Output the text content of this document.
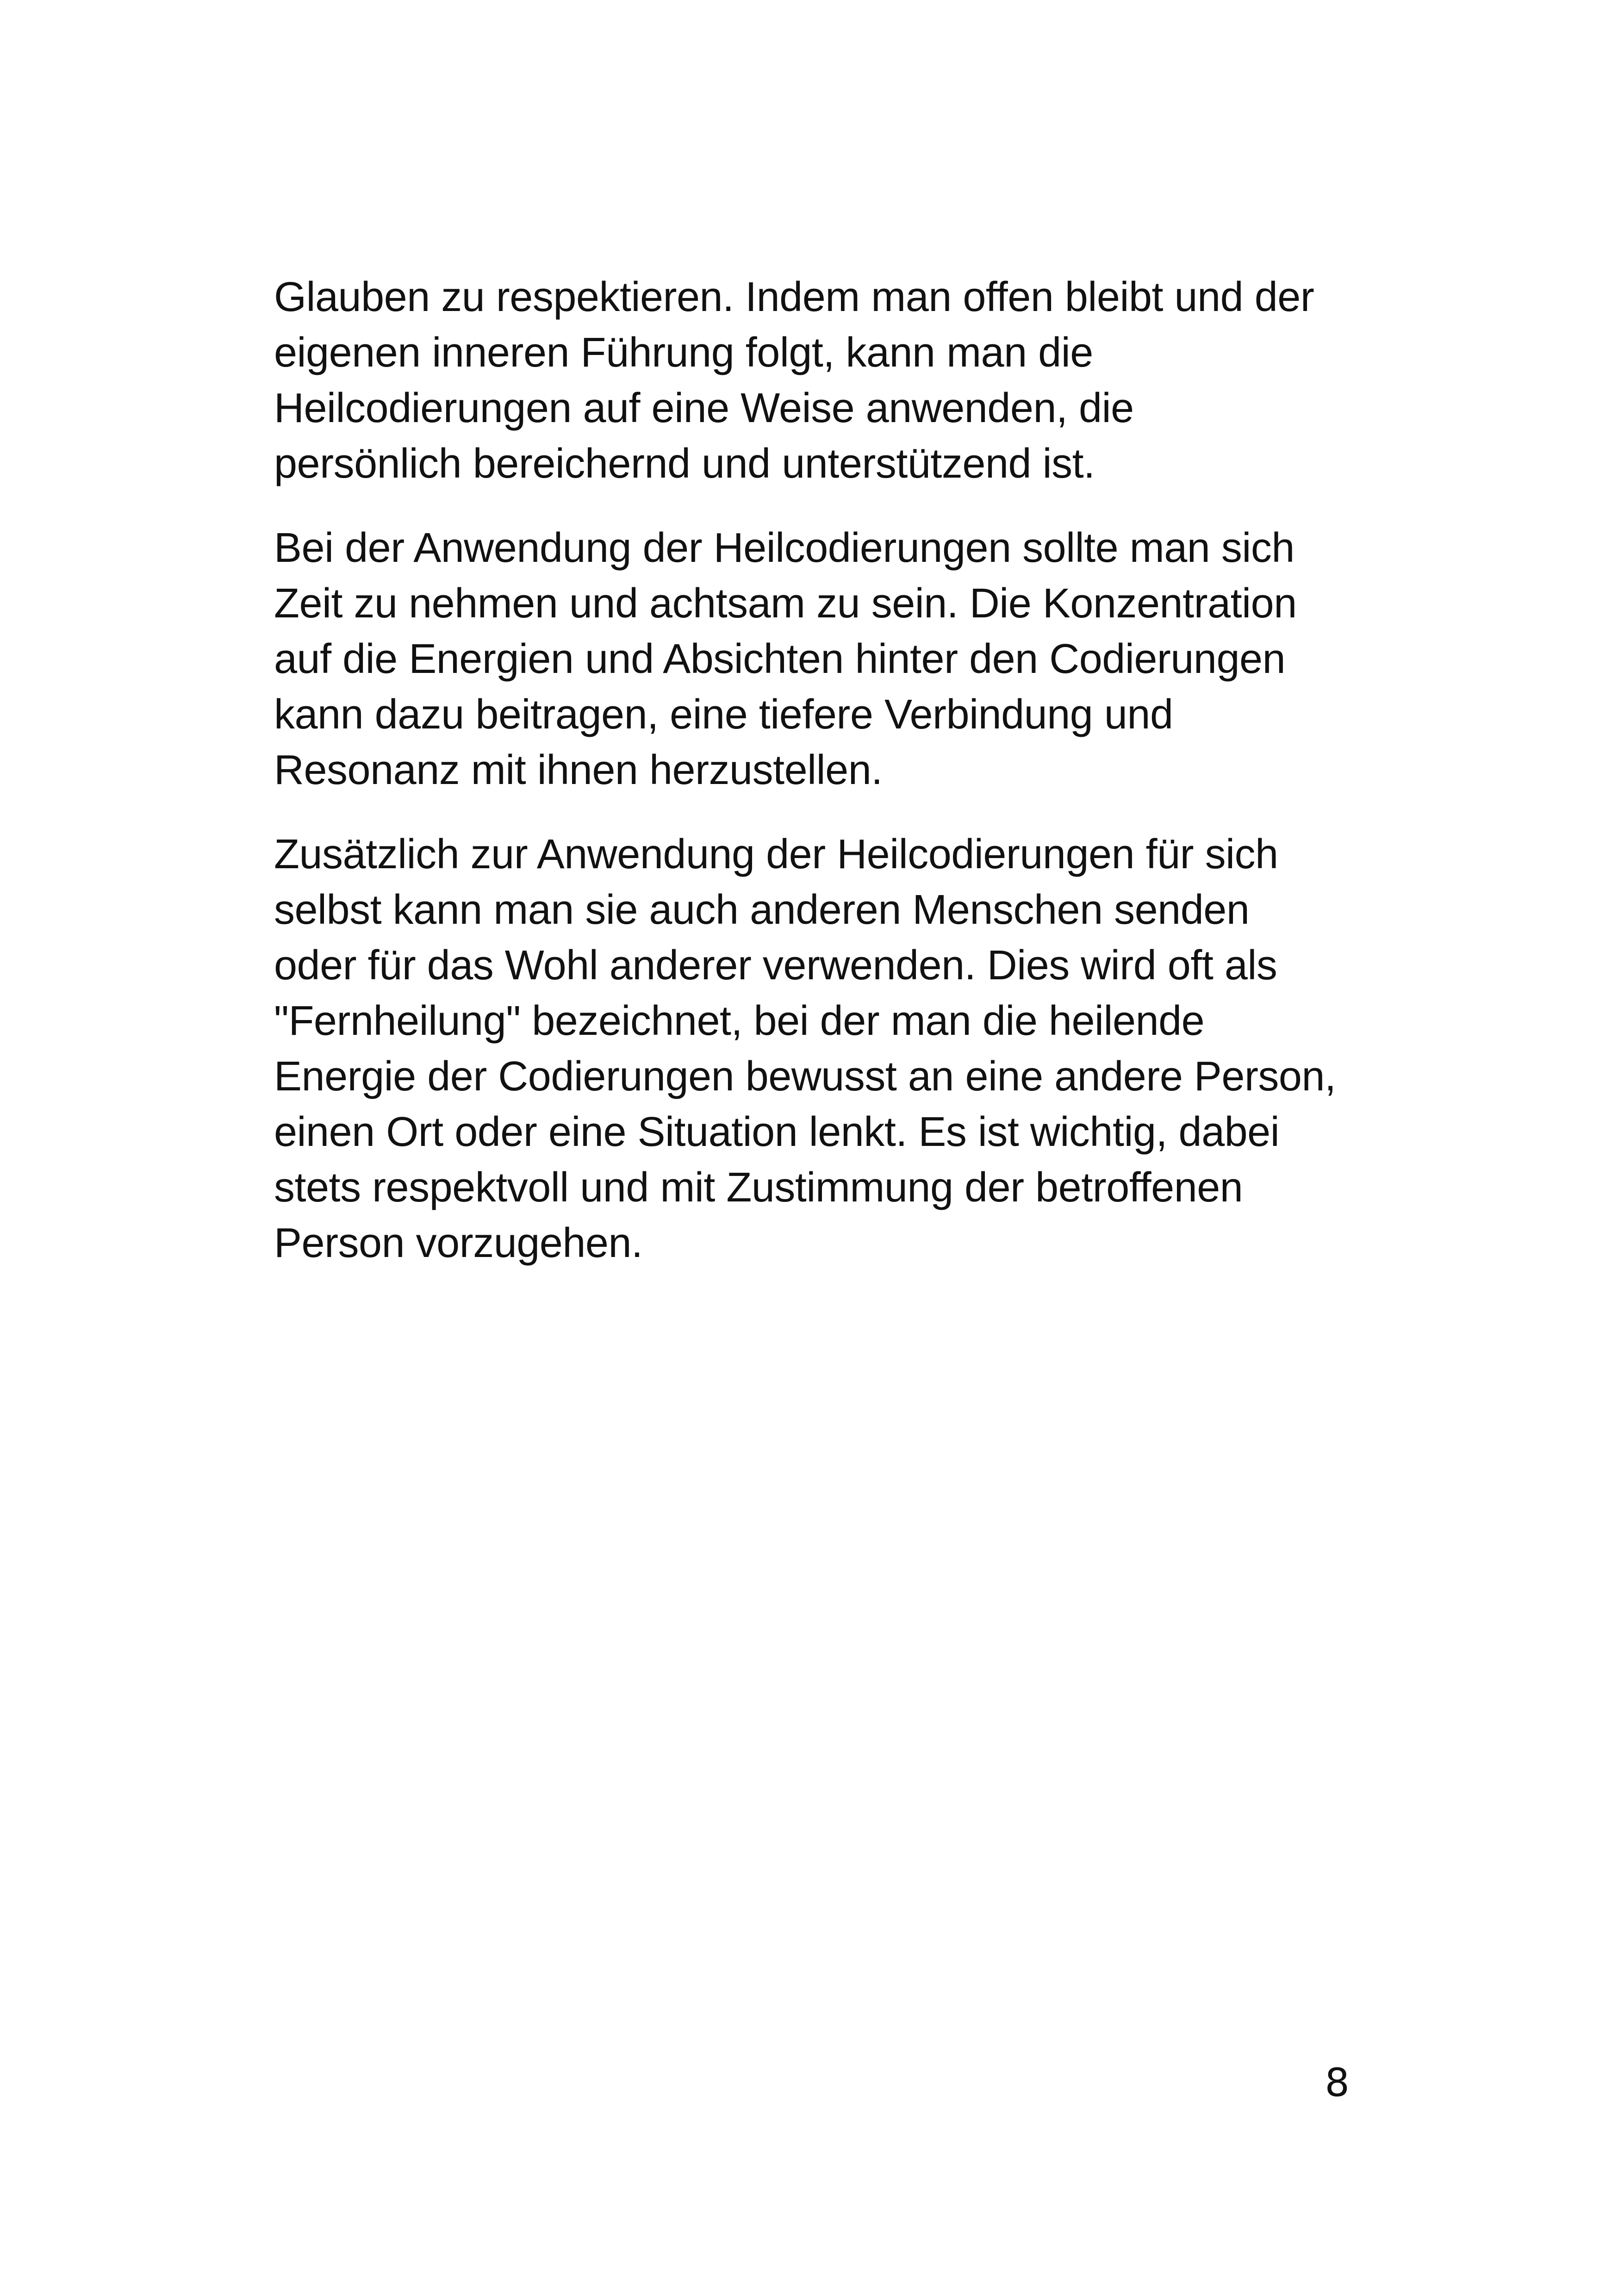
Glauben zu respektieren. Indem man offen bleibt und der
eigenen inneren Führung folgt, kann man die
Heilcodierungen auf eine Weise anwenden, die
persönlich bereichernd und unterstützend ist.

Bei der Anwendung der Heilcodierungen sollte man sich
Zeit zu nehmen und achtsam zu sein. Die Konzentration
auf die Energien und Absichten hinter den Codierungen
kann dazu beitragen, eine tiefere Verbindung und
Resonanz mit ihnen herzustellen.

Zusätzlich zur Anwendung der Heilcodierungen für sich
selbst kann man sie auch anderen Menschen senden
oder für das Wohl anderer verwenden. Dies wird oft als
"Fernheilung" bezeichnet, bei der man die heilende
Energie der Codierungen bewusst an eine andere Person,
einen Ort oder eine Situation lenkt. Es ist wichtig, dabei
stets respektvoll und mit Zustimmung der betroffenen
Person vorzugehen.

8
